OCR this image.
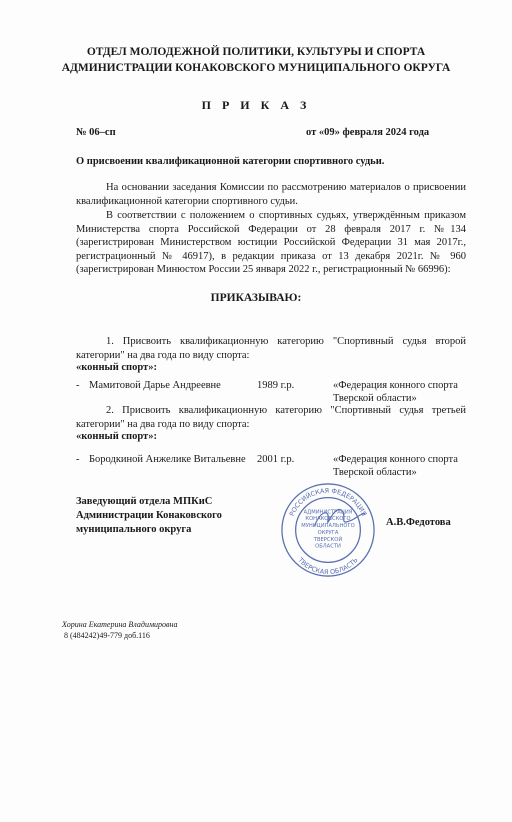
ОТДЕЛ МОЛОДЕЖНОЙ ПОЛИТИКИ, КУЛЬТУРЫ И СПОРТА

АДМИНИСТРАЦИИ КОНАКОВСКОГО МУНИЦИПАЛЬНОГО ОКРУГА

П Р И К А З

№ 06–сп	от «09» февраля 2024 года

О присвоении квалификационной категории спортивного судьи.

На основании заседания Комиссии по рассмотрению материалов о присвоении квалификационной категории спортивного судьи.

В соответствии с положением о спортивных судьях, утверждённым приказом Министерства спорта Российской Федерации от 28 февраля 2017 г. №134 (зарегистрирован Министерством юстиции Российской Федерации 31 мая 2017г., регистрационный № 46917), в редакции приказа от 13 декабря 2021г. № 960 (зарегистрирован Минюстом России 25 января 2022 г., регистрационный № 66996):

ПРИКАЗЫВАЮ:

1. Присвоить квалификационную категорию "Спортивный судья второй категории" на два года по виду спорта:

«конный спорт»:

- Мамитовой Дарье Андреевне	1989 г.р.	«Федерация конного спорта
Тверской области»

2. Присвоить квалификационную категорию "Спортивный судья третьей категории" на два года по виду спорта:

«конный спорт»:

- Бородкиной Анжелике Витальевне 2001 г.р.	«Федерация конного спорта
Тверской области»

Заведующий отдела МПКиС

Администрации Конаковского

муниципального округа

РОССИЙСКАЯ ФЕДЕРАЦИЯ
ТВЕРСКАЯ ОБЛАСТЬ
АДМИНИСТРАЦИЯ
КОНАКОВСКОГО
МУНИЦИПАЛЬНОГО
ОКРУГА
ТВЕРСКОЙ
ОБЛАСТИ

А.В.Федотова

Хорина Екатерина Владимировна

8 (484242)49-779 доб.116
